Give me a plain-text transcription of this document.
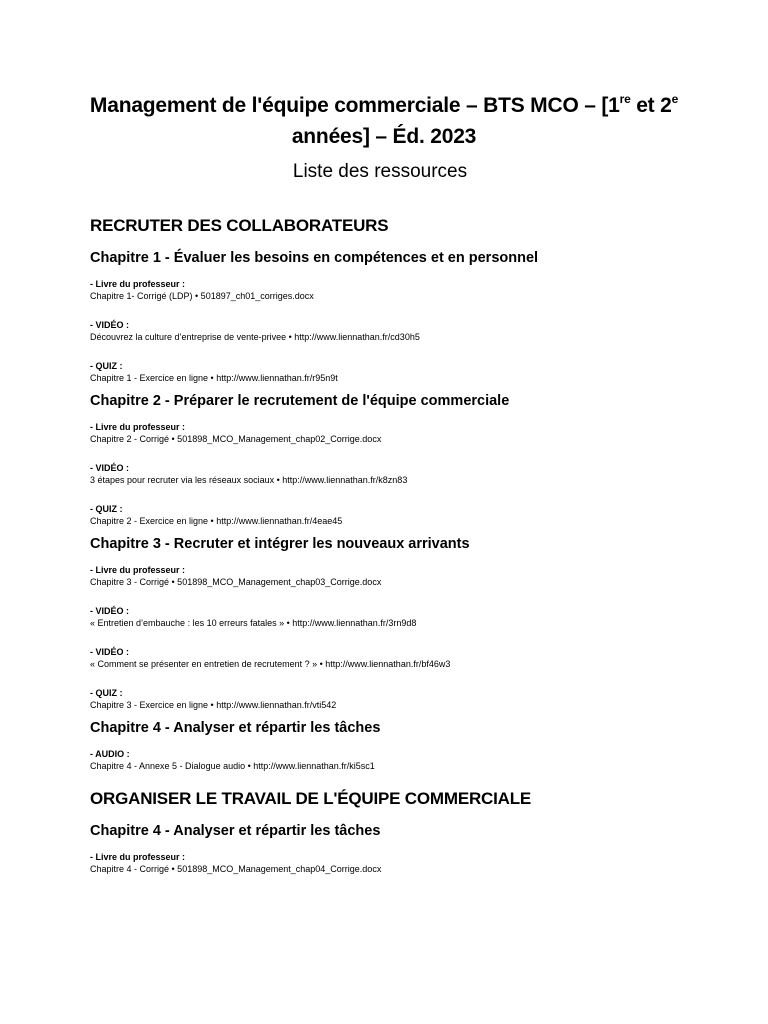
Management de l'équipe commerciale – BTS MCO – [1re et 2e
années] – Éd. 2023
Liste des ressources
RECRUTER DES COLLABORATEURS
Chapitre 1 - Évaluer les besoins en compétences et en personnel
- Livre du professeur :
Chapitre 1- Corrigé (LDP) • 501897_ch01_corriges.docx
- VIDÉO :
Découvrez la culture d’entreprise de vente-privee • http://www.liennathan.fr/cd30h5
- QUIZ :
Chapitre 1 - Exercice en ligne • http://www.liennathan.fr/r95n9t
Chapitre 2 - Préparer le recrutement de l'équipe commerciale
- Livre du professeur :
Chapitre 2 - Corrigé • 501898_MCO_Management_chap02_Corrige.docx
- VIDÉO :
3 étapes pour recruter via les réseaux sociaux • http://www.liennathan.fr/k8zn83
- QUIZ :
Chapitre 2 - Exercice en ligne • http://www.liennathan.fr/4eae45
Chapitre 3 - Recruter et intégrer les nouveaux arrivants
- Livre du professeur :
Chapitre 3 - Corrigé • 501898_MCO_Management_chap03_Corrige.docx
- VIDÉO :
« Entretien d’embauche : les 10 erreurs fatales » • http://www.liennathan.fr/3rn9d8
- VIDÉO :
« Comment se présenter en entretien de recrutement ? » • http://www.liennathan.fr/bf46w3
- QUIZ :
Chapitre 3 - Exercice en ligne • http://www.liennathan.fr/vti542
Chapitre 4 - Analyser et répartir les tâches
- AUDIO :
Chapitre 4 - Annexe 5 - Dialogue audio • http://www.liennathan.fr/ki5sc1
ORGANISER LE TRAVAIL DE L'ÉQUIPE COMMERCIALE
Chapitre 4 - Analyser et répartir les tâches
- Livre du professeur :
Chapitre 4 - Corrigé • 501898_MCO_Management_chap04_Corrige.docx
